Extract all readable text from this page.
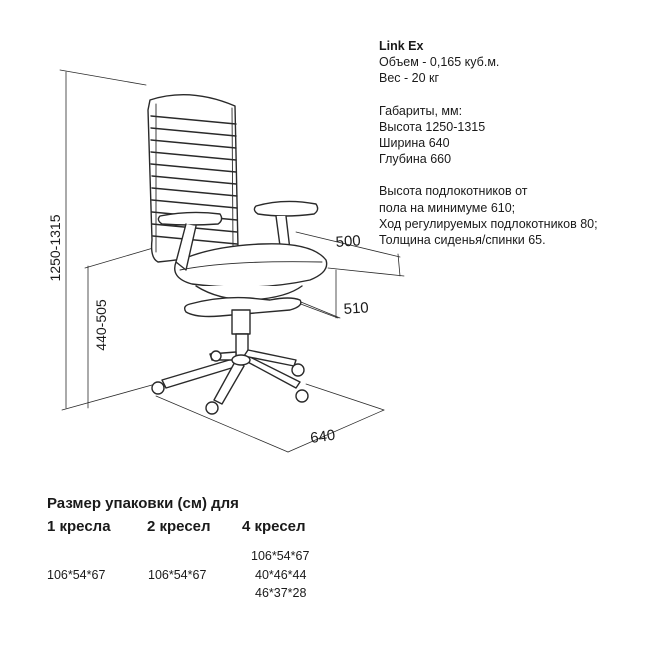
1250-1315
440-505
500
510
640
Link Ex
Объем - 0,165 куб.м.
Вес - 20 кг
Габариты, мм:
Высота 1250-1315
Ширина 640
Глубина 660
Высота подлокотников от
пола на минимуме 610;
Ход регулируемых подлокотников 80;
Толщина сиденья/спинки 65.
Размер упаковки (см) для
1 кресла 2 кресел 4 кресел
106*54*67	106*54*67
106*54*67
40*46*44
46*37*28
